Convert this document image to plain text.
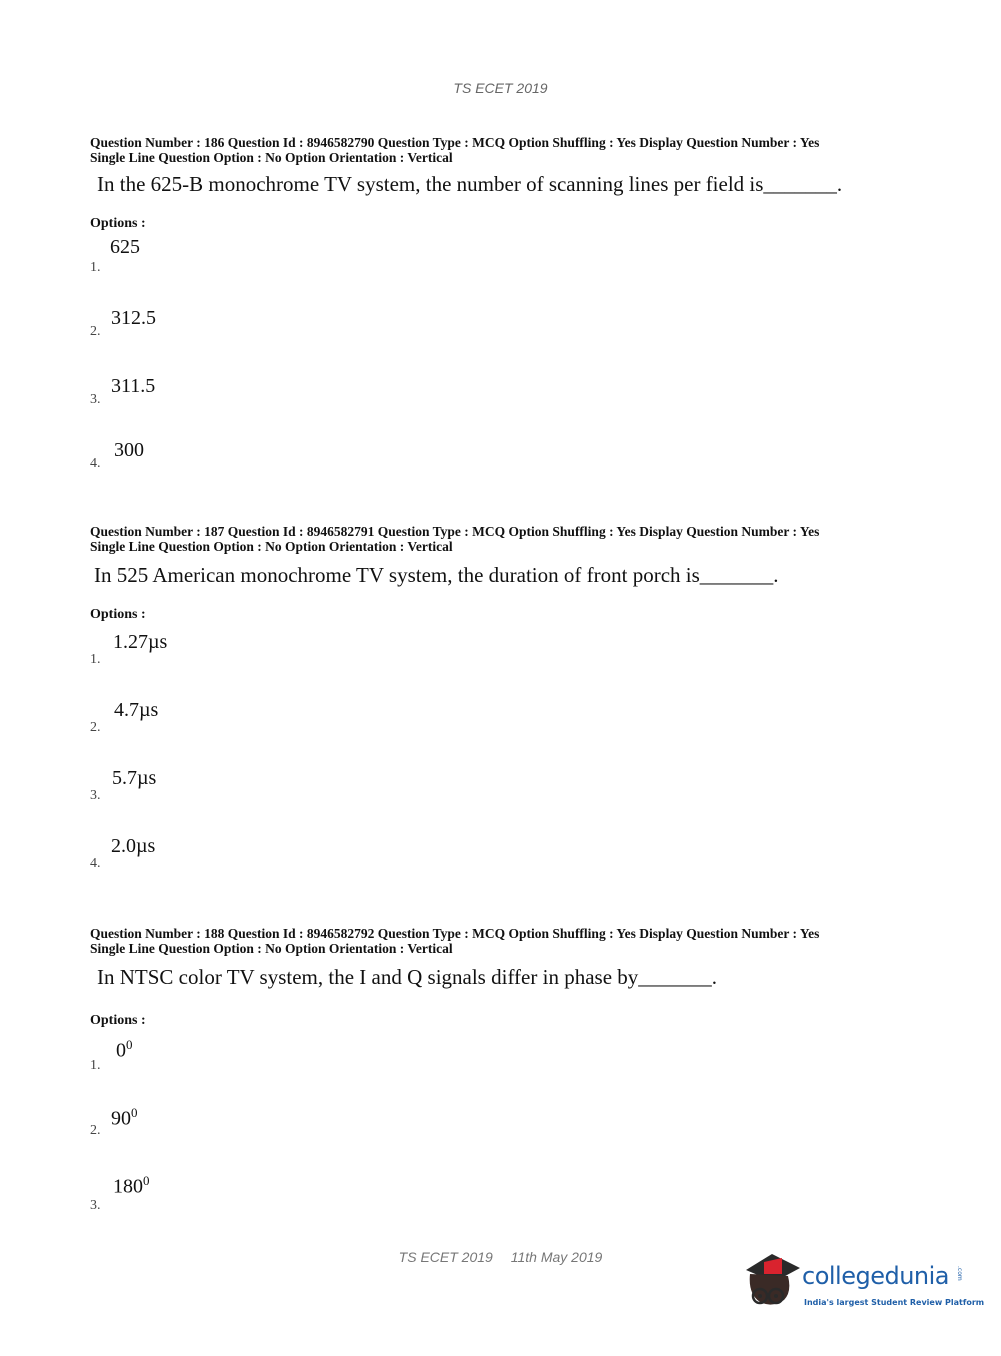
TS ECET 2019

Question Number : 186 Question Id : 8946582790 Question Type : MCQ Option Shuffling : Yes Display Question Number : Yes

Single Line Question Option : No Option Orientation : Vertical

In the 625-B monochrome TV system, the number of scanning lines per field is_______.

Options :
625
1.
312.5
2.
311.5
3.
300
4.

Question Number : 187 Question Id : 8946582791 Question Type : MCQ Option Shuffling : Yes Display Question Number : Yes

Single Line Question Option : No Option Orientation : Vertical

In 525 American monochrome TV system, the duration of front porch is_______.

Options :
1.27µs
1.
4.7µs
2.
5.7µs
3.
2.0µs
4.

Question Number : 188 Question Id : 8946582792 Question Type : MCQ Option Shuffling : Yes Display Question Number : Yes

Single Line Question Option : No Option Orientation : Vertical

In NTSC color TV system, the I and Q signals differ in phase by_______.

Options :
$0^0$
1.
$90^0$
2.
$180^0$
3.
TS ECET 2019 11th May 2019
collegedunia .com
India's largest Student Review Platform
